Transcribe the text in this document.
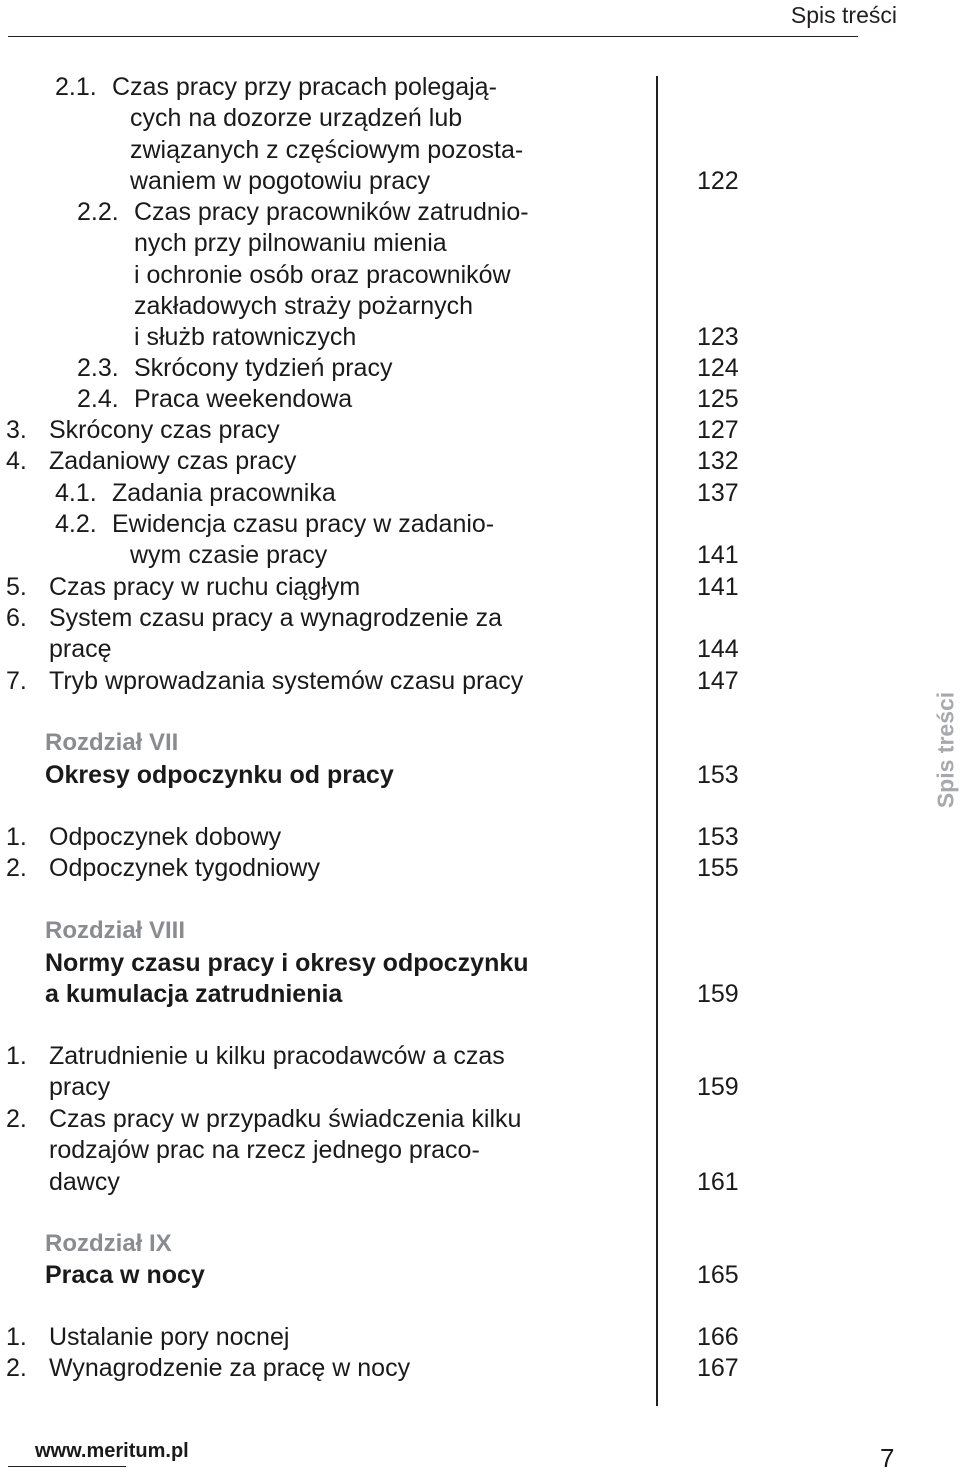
Spis treści
Spis treści
2.1. Czas pracy przy pracach polegają-
cych na dozorze urządzeń lub
związanych z częściowym pozosta-
waniem w pogotowiu pracy	122
2.2. Czas pracy pracowników zatrudnio-
nych przy pilnowaniu mienia
i ochronie osób oraz pracowników
zakładowych straży pożarnych
i służb ratowniczych	123
2.3. Skrócony tydzień pracy	124
2.4. Praca weekendowa	125
3. Skrócony czas pracy	127
4. Zadaniowy czas pracy	132
4.1. Zadania pracownika	137
4.2. Ewidencja czasu pracy w zadanio-
wym czasie pracy	141
5. Czas pracy w ruchu ciągłym	141
6. System czasu pracy a wynagrodzenie za
pracę	144
7. Tryb wprowadzania systemów czasu pracy	147
Rozdział VII
Okresy odpoczynku od pracy	153
1. Odpoczynek dobowy	153
2. Odpoczynek tygodniowy	155
Rozdział VIII
Normy czasu pracy i okresy odpoczynku
a kumulacja zatrudnienia	159
1. Zatrudnienie u kilku pracodawców a czas
pracy	159
2. Czas pracy w przypadku świadczenia kilku
rodzajów prac na rzecz jednego praco-
dawcy	161
Rozdział IX
Praca w nocy	165
1. Ustalanie pory nocnej	166
2. Wynagrodzenie za pracę w nocy	167
www.meritum.pl	7
